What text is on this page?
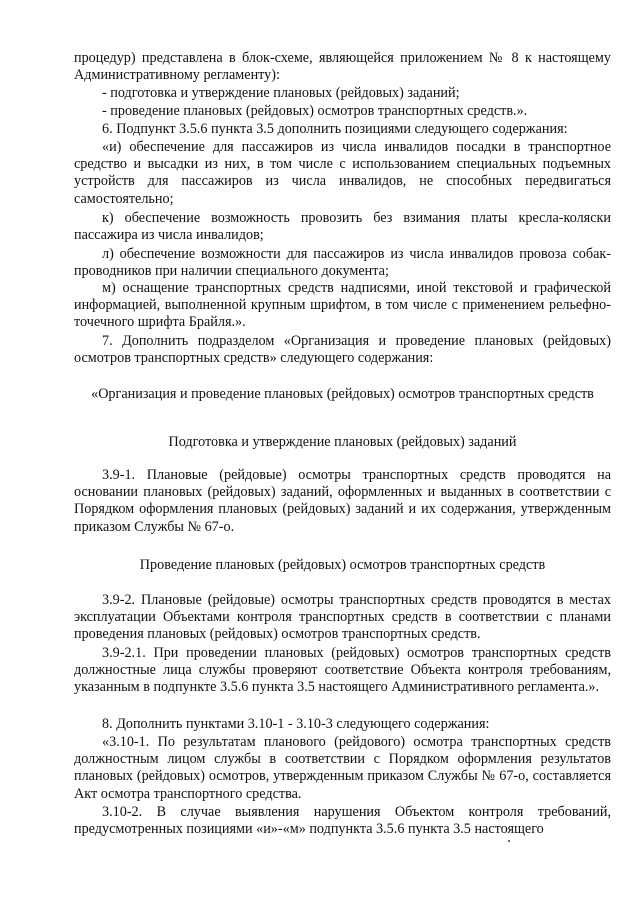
процедур) представлена в блок-схеме, являющейся приложением № 8 к настоящему Административному регламенту):

- подготовка и утверждение плановых (рейдовых) заданий;

- проведение плановых (рейдовых) осмотров транспортных средств.».

6. Подпункт 3.5.6 пункта 3.5 дополнить позициями следующего содержания:

«и) обеспечение для пассажиров из числа инвалидов посадки в транспортное средство и высадки из них, в том числе с использованием специальных подъемных устройств для пассажиров из числа инвалидов, не способных передвигаться самостоятельно;

к) обеспечение возможность провозить без взимания платы кресла-коляски пассажира из числа инвалидов;

л) обеспечение возможности для пассажиров из числа инвалидов провоза собак-проводников при наличии специального документа;

м) оснащение транспортных средств надписями, иной текстовой и графической информацией, выполненной крупным шрифтом, в том числе с применением рельефно-точечного шрифта Брайля.».

7. Дополнить подразделом «Организация и проведение плановых (рейдовых) осмотров транспортных средств» следующего содержания:

«Организация и проведение плановых (рейдовых) осмотров транспортных средств

Подготовка и утверждение плановых (рейдовых) заданий

3.9-1. Плановые (рейдовые) осмотры транспортных средств проводятся на основании плановых (рейдовых) заданий, оформленных и выданных в соответствии с Порядком оформления плановых (рейдовых) заданий и их содержания, утвержденным приказом Службы № 67-о.

Проведение плановых (рейдовых) осмотров транспортных средств

3.9-2. Плановые (рейдовые) осмотры транспортных средств проводятся в местах эксплуатации Объектами контроля транспортных средств в соответствии с планами проведения плановых (рейдовых) осмотров транспортных средств.

3.9-2.1. При проведении плановых (рейдовых) осмотров транспортных средств должностные лица службы проверяют соответствие Объекта контроля требованиям, указанным в подпункте 3.5.6 пункта 3.5 настоящего Административного регламента.».

8. Дополнить пунктами 3.10-1 - 3.10-3 следующего содержания:

«3.10-1. По результатам планового (рейдового) осмотра транспортных средств должностным лицом службы в соответствии с Порядком оформления результатов плановых (рейдовых) осмотров, утвержденным приказом Службы № 67-о, составляется Акт осмотра транспортного средства.

3.10-2. В случае выявления нарушения Объектом контроля требований, предусмотренных позициями «и»-«м» подпункта 3.5.6 пункта 3.5 настоящего
